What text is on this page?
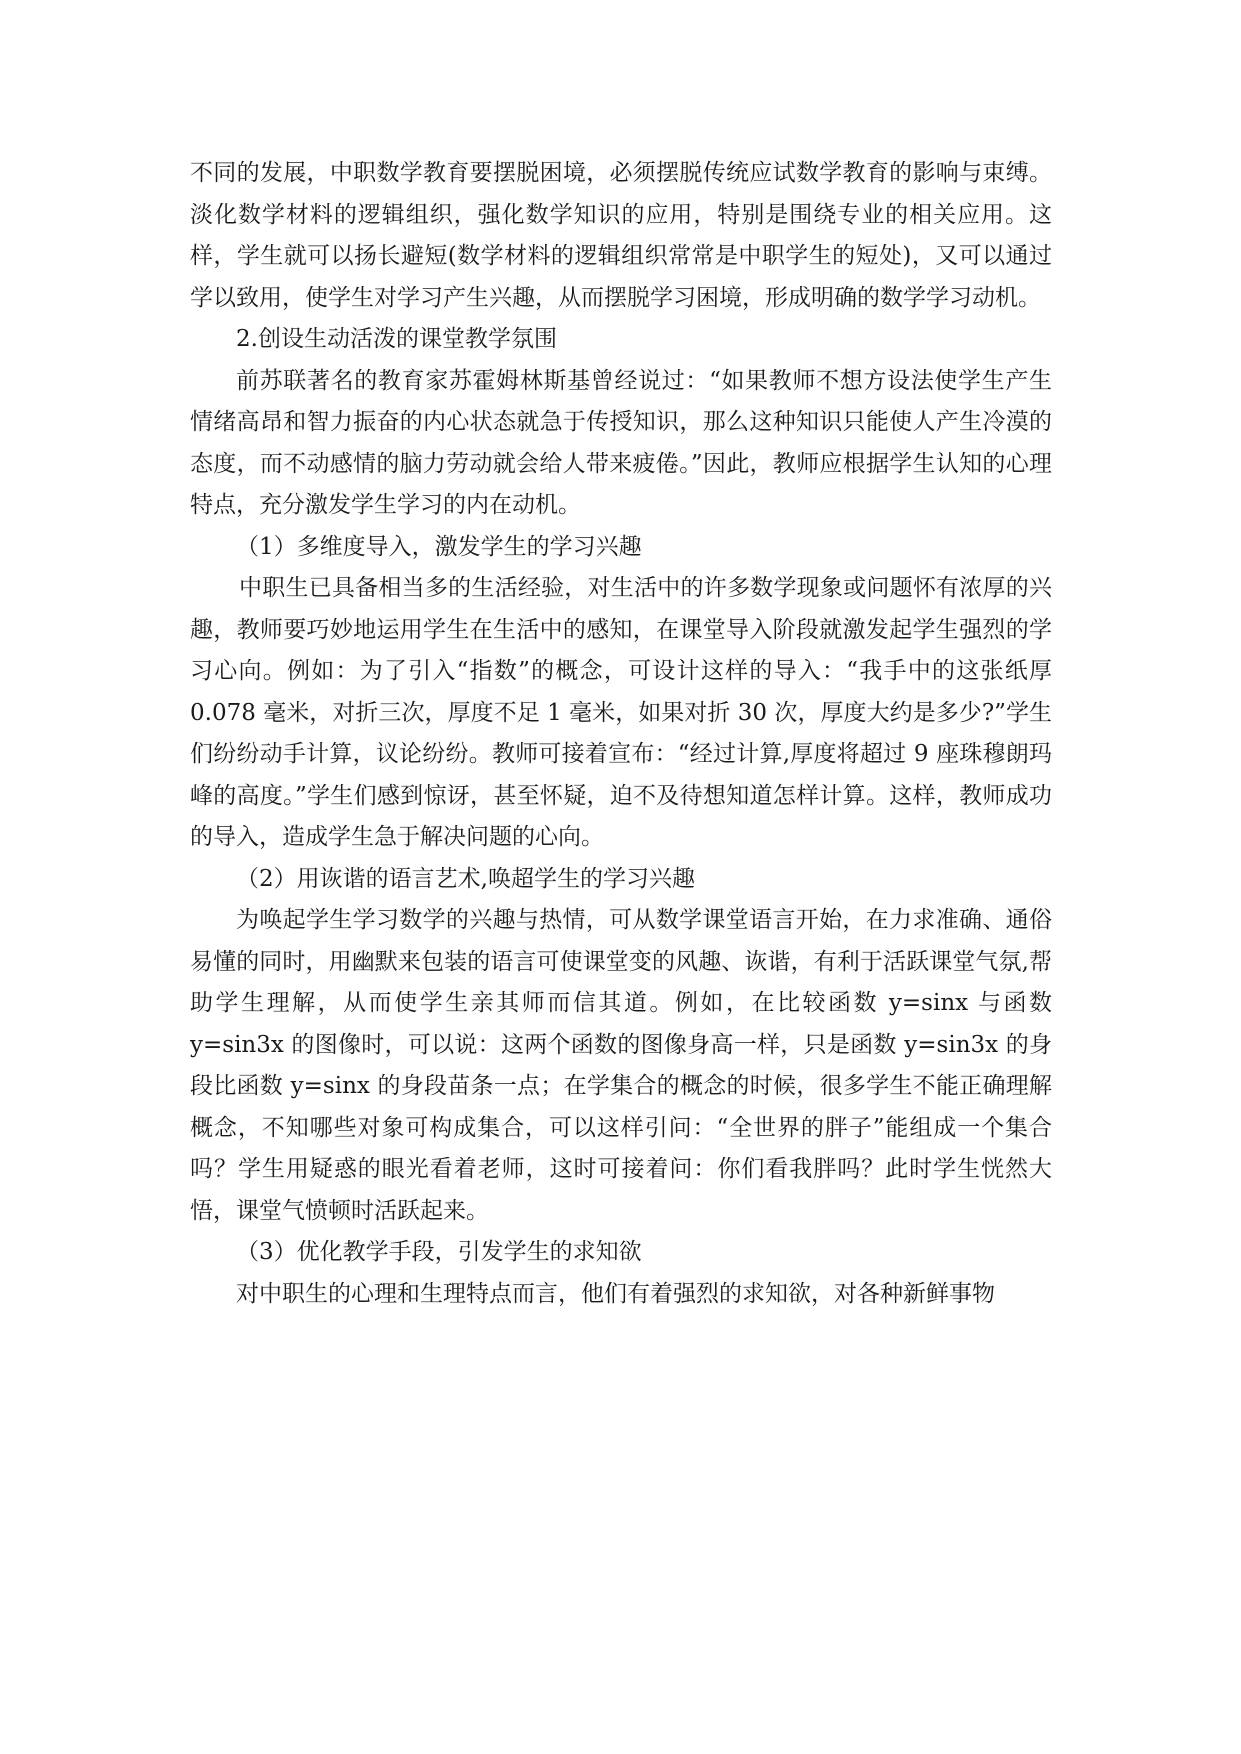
不同的发展，中职数学教育要摆脱困境，必须摆脱传统应试数学教育的影响与束缚。淡化数学材料的逻辑组织，强化数学知识的应用，特别是围绕专业的相关应用。这样，学生就可以扬长避短(数学材料的逻辑组织常常是中职学生的短处)，又可以通过学以致用，使学生对学习产生兴趣，从而摆脱学习困境，形成明确的数学学习动机。

2.创设生动活泼的课堂教学氛围

前苏联著名的教育家苏霍姆林斯基曾经说过：“如果教师不想方设法使学生产生情绪高昂和智力振奋的内心状态就急于传授知识，那么这种知识只能使人产生冷漠的态度，而不动感情的脑力劳动就会给人带来疲倦。”因此，教师应根据学生认知的心理特点，充分激发学生学习的内在动机。

（1）多维度导入，激发学生的学习兴趣

中职生已具备相当多的生活经验，对生活中的许多数学现象或问题怀有浓厚的兴趣，教师要巧妙地运用学生在生活中的感知，在课堂导入阶段就激发起学生强烈的学习心向。例如：为了引入“指数”的概念，可设计这样的导入：“我手中的这张纸厚 0.078 毫米，对折三次，厚度不足 1 毫米，如果对折 30 次，厚度大约是多少?”学生们纷纷动手计算，议论纷纷。教师可接着宣布：“经过计算,厚度将超过 9 座珠穆朗玛峰的高度。”学生们感到惊讶，甚至怀疑，迫不及待想知道怎样计算。这样，教师成功的导入，造成学生急于解决问题的心向。

（2）用诙谐的语言艺术,唤超学生的学习兴趣

为唤起学生学习数学的兴趣与热情，可从数学课堂语言开始，在力求准确、通俗易懂的同时，用幽默来包装的语言可使课堂变的风趣、诙谐，有利于活跃课堂气氛,帮助学生理解，从而使学生亲其师而信其道。例如，在比较函数 y=sinx 与函数 y=sin3x 的图像时，可以说：这两个函数的图像身高一样，只是函数 y=sin3x 的身段比函数 y=sinx 的身段苗条一点；在学集合的概念的时候，很多学生不能正确理解概念，不知哪些对象可构成集合，可以这样引问：“全世界的胖子”能组成一个集合吗？学生用疑惑的眼光看着老师，这时可接着问：你们看我胖吗？此时学生恍然大悟，课堂气愤顿时活跃起来。

（3）优化教学手段，引发学生的求知欲

对中职生的心理和生理特点而言，他们有着强烈的求知欲，对各种新鲜事物
